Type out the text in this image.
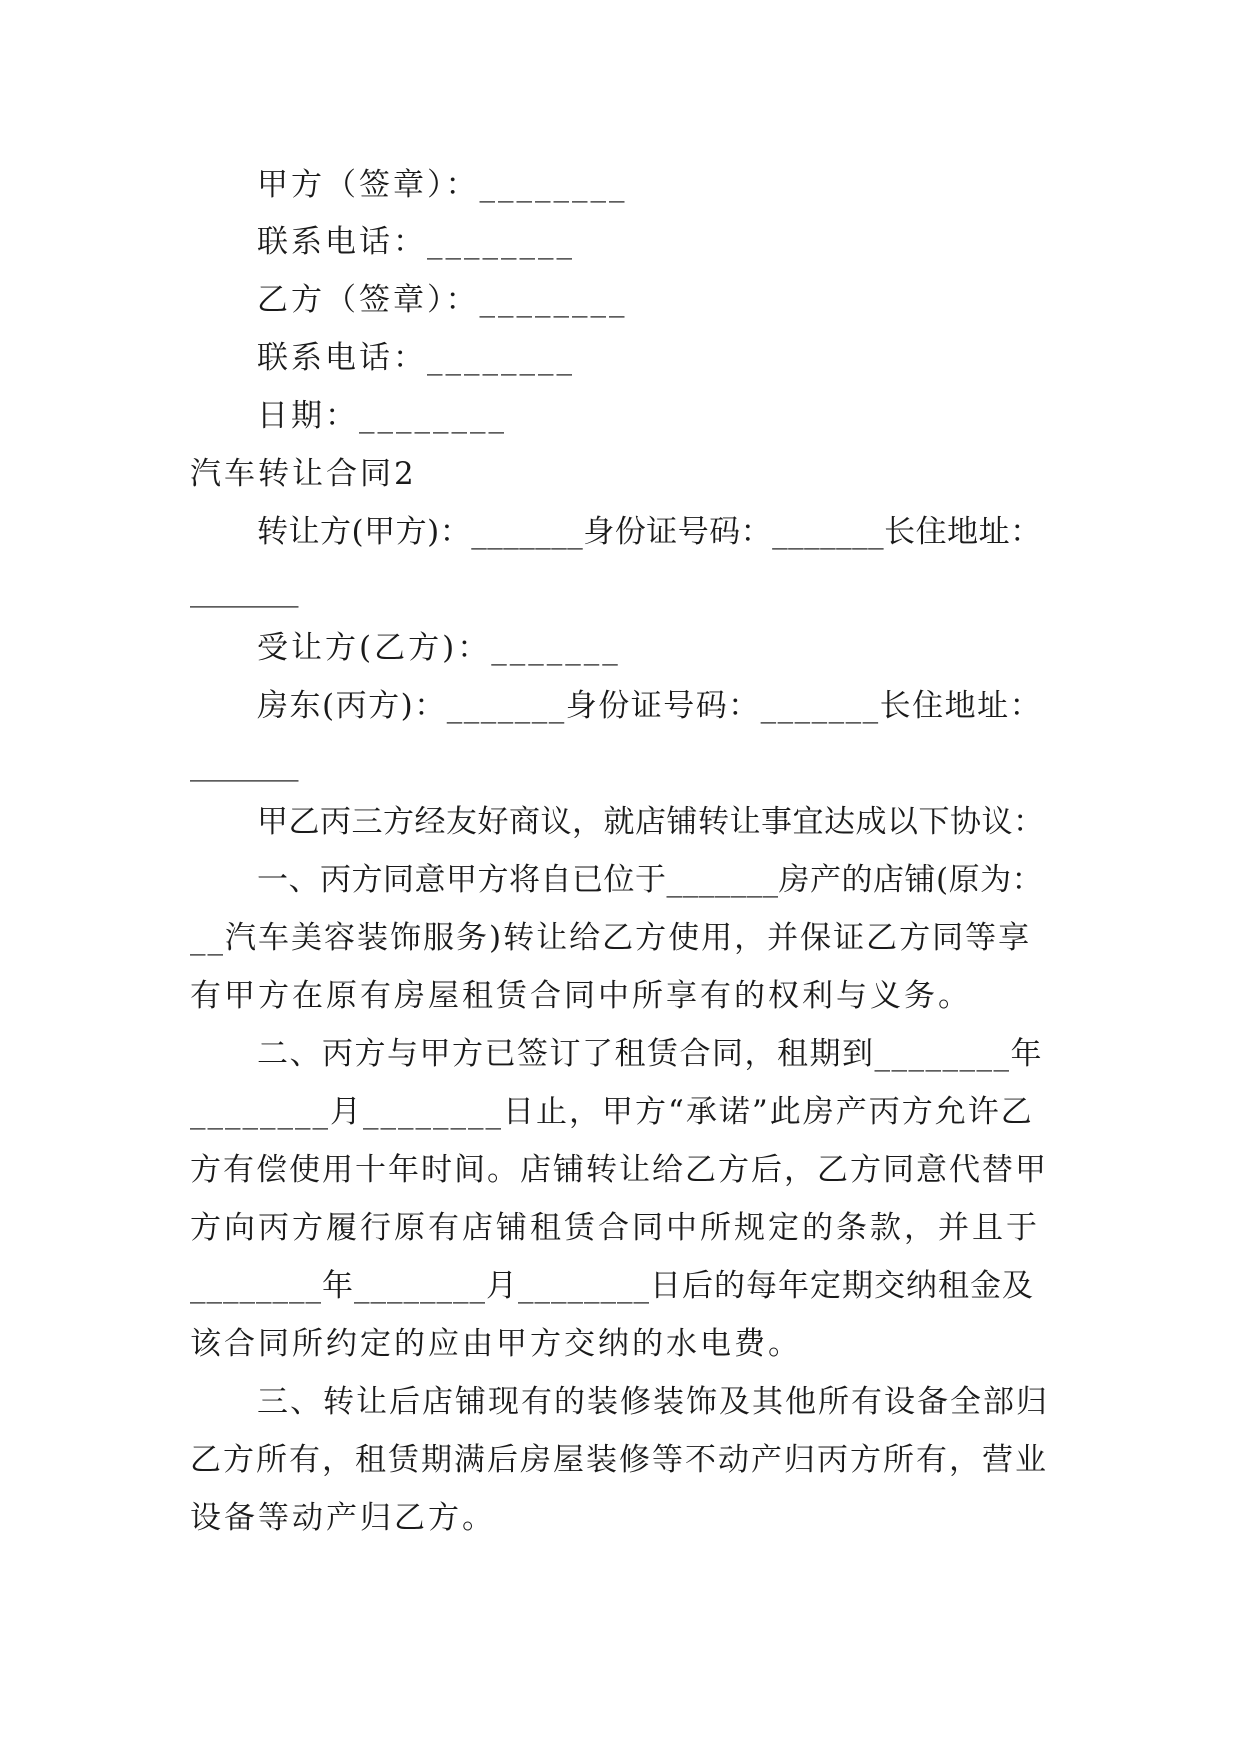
甲方（签章）：________
联系电话：________
乙方（签章）：________
联系电话：________
日期：________
汽车转让合同2
转让方(甲方)：_______身份证号码：_______长住地址：
_______
受让方(乙方)：_______
房东(丙方)：_______身份证号码：_______长住地址：
_______
甲乙丙三方经友好商议，就店铺转让事宜达成以下协议：
一、丙方同意甲方将自已位于_______房产的店铺(原为：
__汽车美容装饰服务)转让给乙方使用，并保证乙方同等享
有甲方在原有房屋租赁合同中所享有的权利与义务。
二、丙方与甲方已签订了租赁合同，租期到________年
________月________日止，甲方“承诺”此房产丙方允许乙
方有偿使用十年时间。店铺转让给乙方后，乙方同意代替甲
方向丙方履行原有店铺租赁合同中所规定的条款，并且于
________年________月________日后的每年定期交纳租金及
该合同所约定的应由甲方交纳的水电费。
三、转让后店铺现有的装修装饰及其他所有设备全部归
乙方所有，租赁期满后房屋装修等不动产归丙方所有，营业
设备等动产归乙方。
